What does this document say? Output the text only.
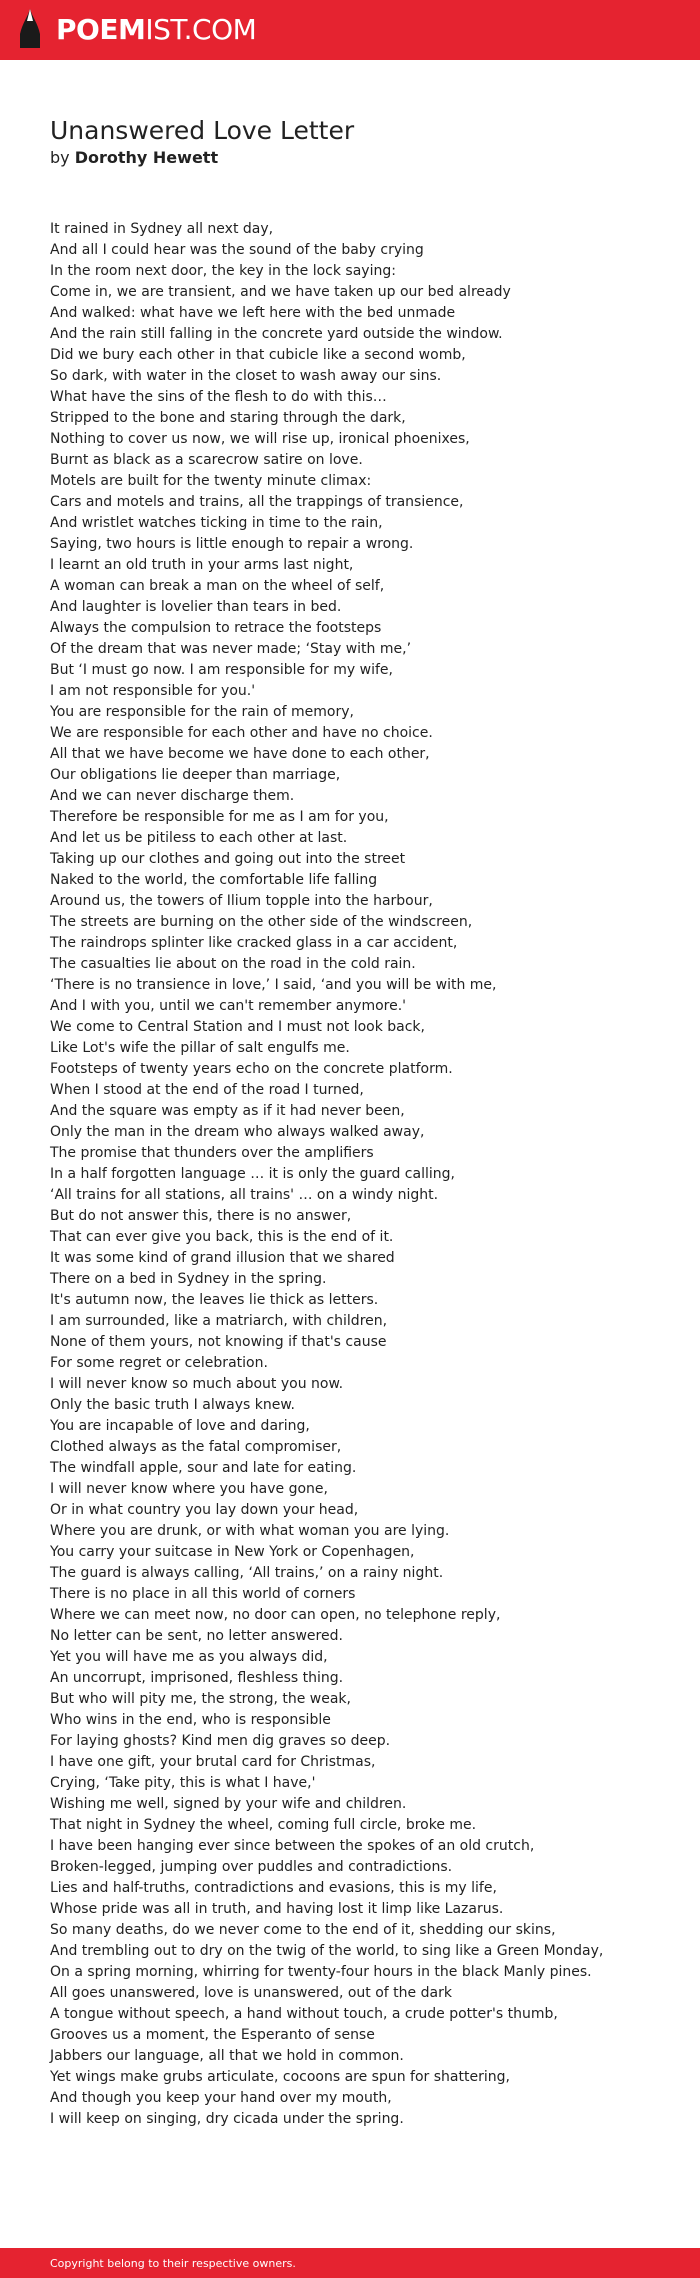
POEMIST.COM
Unanswered Love Letter
by Dorothy Hewett
It rained in Sydney all next day,
And all I could hear was the sound of the baby crying
In the room next door, the key in the lock saying:
Come in, we are transient, and we have taken up our bed already
And walked: what have we left here with the bed unmade
And the rain still falling in the concrete yard outside the window.
Did we bury each other in that cubicle like a second womb,
So dark, with water in the closet to wash away our sins.
What have the sins of the flesh to do with this…
Stripped to the bone and staring through the dark,
Nothing to cover us now, we will rise up, ironical phoenixes,
Burnt as black as a scarecrow satire on love.
Motels are built for the twenty minute climax:
Cars and motels and trains, all the trappings of transience,
And wristlet watches ticking in time to the rain,
Saying, two hours is little enough to repair a wrong.
I learnt an old truth in your arms last night,
A woman can break a man on the wheel of self,
And laughter is lovelier than tears in bed.
Always the compulsion to retrace the footsteps
Of the dream that was never made; ‘Stay with me,’
But ‘I must go now. I am responsible for my wife,
I am not responsible for you.'
You are responsible for the rain of memory,
We are responsible for each other and have no choice.
All that we have become we have done to each other,
Our obligations lie deeper than marriage,
And we can never discharge them.
Therefore be responsible for me as I am for you,
And let us be pitiless to each other at last.
Taking up our clothes and going out into the street
Naked to the world, the comfortable life falling
Around us, the towers of Ilium topple into the harbour,
The streets are burning on the other side of the windscreen,
The raindrops splinter like cracked glass in a car accident,
The casualties lie about on the road in the cold rain.
‘There is no transience in love,’ I said, ‘and you will be with me,
And I with you, until we can't remember anymore.'
We come to Central Station and I must not look back,
Like Lot's wife the pillar of salt engulfs me.
Footsteps of twenty years echo on the concrete platform.
When I stood at the end of the road I turned,
And the square was empty as if it had never been,
Only the man in the dream who always walked away,
The promise that thunders over the amplifiers
In a half forgotten language … it is only the guard calling,
‘All trains for all stations, all trains' … on a windy night.
But do not answer this, there is no answer,
That can ever give you back, this is the end of it.
It was some kind of grand illusion that we shared
There on a bed in Sydney in the spring.
It's autumn now, the leaves lie thick as letters.
I am surrounded, like a matriarch, with children,
None of them yours, not knowing if that's cause
For some regret or celebration.
I will never know so much about you now.
Only the basic truth I always knew.
You are incapable of love and daring,
Clothed always as the fatal compromiser,
The windfall apple, sour and late for eating.
I will never know where you have gone,
Or in what country you lay down your head,
Where you are drunk, or with what woman you are lying.
You carry your suitcase in New York or Copenhagen,
The guard is always calling, ‘All trains,’ on a rainy night.
There is no place in all this world of corners
Where we can meet now, no door can open, no telephone reply,
No letter can be sent, no letter answered.
Yet you will have me as you always did,
An uncorrupt, imprisoned, fleshless thing.
But who will pity me, the strong, the weak,
Who wins in the end, who is responsible
For laying ghosts? Kind men dig graves so deep.
I have one gift, your brutal card for Christmas,
Crying, ‘Take pity, this is what I have,'
Wishing me well, signed by your wife and children.
That night in Sydney the wheel, coming full circle, broke me.
I have been hanging ever since between the spokes of an old crutch,
Broken-legged, jumping over puddles and contradictions.
Lies and half-truths, contradictions and evasions, this is my life,
Whose pride was all in truth, and having lost it limp like Lazarus.
So many deaths, do we never come to the end of it, shedding our skins,
And trembling out to dry on the twig of the world, to sing like a Green Monday,
On a spring morning, whirring for twenty-four hours in the black Manly pines.
All goes unanswered, love is unanswered, out of the dark
A tongue without speech, a hand without touch, a crude potter's thumb,
Grooves us a moment, the Esperanto of sense
Jabbers our language, all that we hold in common.
Yet wings make grubs articulate, cocoons are spun for shattering,
And though you keep your hand over my mouth,
I will keep on singing, dry cicada under the spring.
Copyright belong to their respective owners.
